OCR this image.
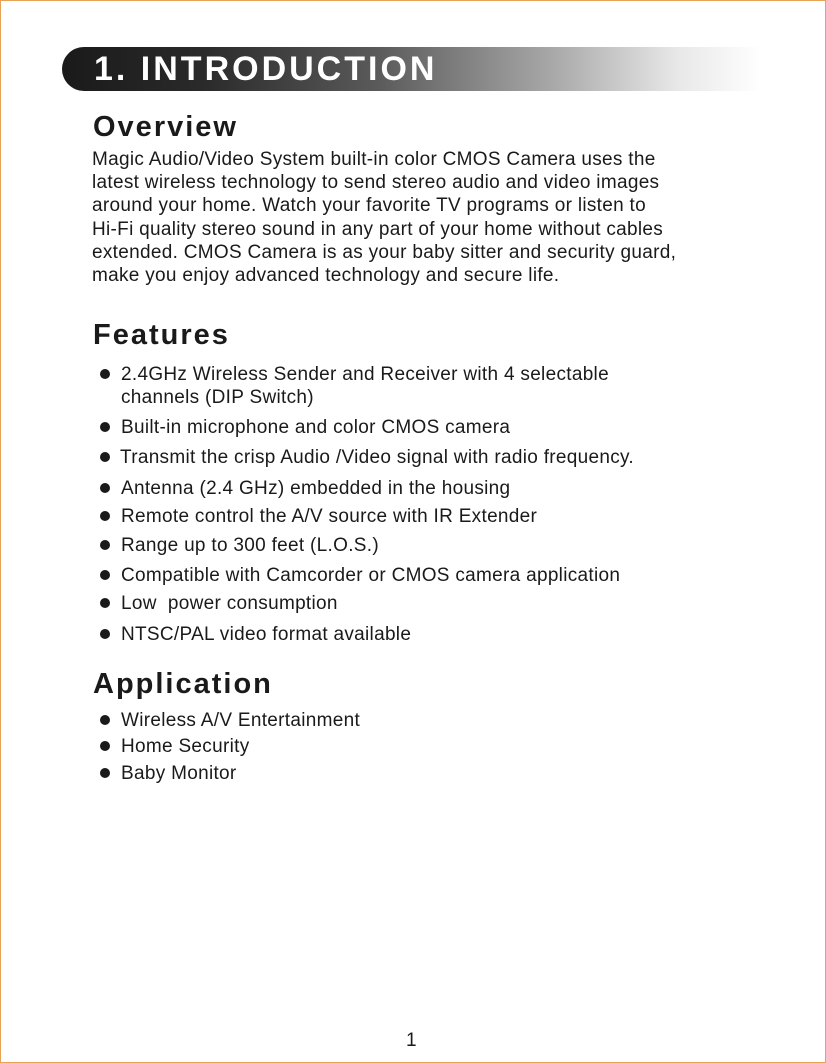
1. INTRODUCTION
Overview
Magic Audio/Video System built-in color CMOS Camera uses the
latest wireless technology to send stereo audio and video images
around your home. Watch your favorite TV programs or listen to
Hi-Fi quality stereo sound in any part of your home without cables
extended. CMOS Camera is as your baby sitter and security guard,
make you enjoy advanced technology and secure life.
Features
2.4GHz Wireless Sender and Receiver with 4 selectable
channels (DIP Switch)
Built-in microphone and color CMOS camera
Transmit the crisp Audio /Video signal with radio frequency.
Antenna (2.4 GHz) embedded in the housing
Remote control the A/V source with IR Extender
Range up to 300 feet (L.O.S.)
Compatible with Camcorder or CMOS camera application
Low  power consumption
NTSC/PAL video format available
Application
Wireless A/V Entertainment
Home Security
Baby Monitor
1
